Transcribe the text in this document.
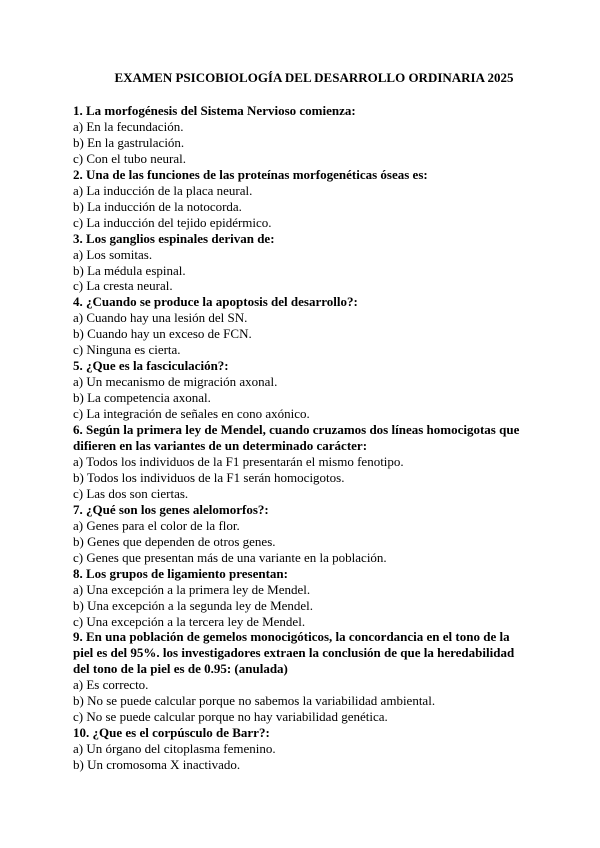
EXAMEN PSICOBIOLOGÍA DEL DESARROLLO ORDINARIA 2025
1. La morfogénesis del Sistema Nervioso comienza:
a) En la fecundación.
b) En la gastrulación.
c) Con el tubo neural.
2. Una de las funciones de las proteínas morfogenéticas óseas es:
a) La inducción de la placa neural.
b) La inducción de la notocorda.
c) La inducción del tejido epidérmico.
3. Los ganglios espinales derivan de:
a) Los somitas.
b) La médula espinal.
c) La cresta neural.
4. ¿Cuando se produce la apoptosis del desarrollo?:
a) Cuando hay una lesión del SN.
b) Cuando hay un exceso de FCN.
c) Ninguna es cierta.
5. ¿Que es la fasciculación?:
a) Un mecanismo de migración axonal.
b) La competencia axonal.
c) La integración de señales en cono axónico.
6. Según la primera ley de Mendel, cuando cruzamos dos líneas homocigotas que difieren en las variantes de un determinado carácter:
a) Todos los individuos de la F1 presentarán el mismo fenotipo.
b) Todos los individuos de la F1 serán homocigotos.
c) Las dos son ciertas.
7. ¿Qué son los genes alelomorfos?:
a) Genes para el color de la flor.
b) Genes que dependen de otros genes.
c) Genes que presentan más de una variante en la población.
8. Los grupos de ligamiento presentan:
a) Una excepción a la primera ley de Mendel.
b) Una excepción a la segunda ley de Mendel.
c) Una excepción a la tercera ley de Mendel.
9. En una población de gemelos monocigóticos, la concordancia en el tono de la piel es del 95%. los investigadores extraen la conclusión de que la heredabilidad del tono de la piel es de 0.95: (anulada)
a) Es correcto.
b) No se puede calcular porque no sabemos la variabilidad ambiental.
c) No se puede calcular porque no hay variabilidad genética.
10. ¿Que es el corpúsculo de Barr?:
a) Un órgano del citoplasma femenino.
b) Un cromosoma X inactivado.
